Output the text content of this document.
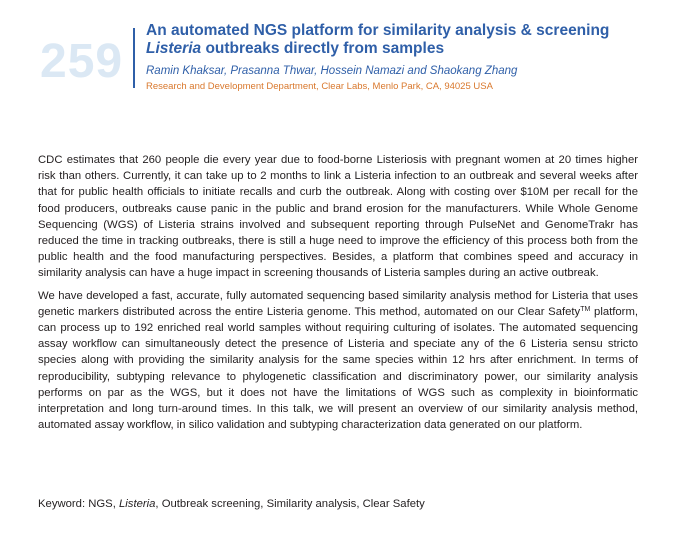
259
An automated NGS platform for similarity analysis & screening
Listeria outbreaks directly from samples
Ramin Khaksar, Prasanna Thwar, Hossein Namazi and Shaokang Zhang
Research and Development Department, Clear Labs, Menlo Park, CA, 94025 USA

CDC estimates that 260 people die every year due to food-borne Listeriosis with pregnant women at 20 times higher risk than others. Currently, it can take up to 2 months to link a Listeria infection to an outbreak and several weeks after that for public health officials to initiate recalls and curb the outbreak. Along with costing over $10M per recall for the food producers, outbreaks cause panic in the public and brand erosion for the manufacturers. While Whole Genome Sequencing (WGS) of Listeria strains involved and subsequent reporting through PulseNet and GenomeTrakr has reduced the time in tracking outbreaks, there is still a huge need to improve the efficiency of this process both from the public health and the food manufacturing perspectives. Besides, a platform that combines speed and accuracy in similarity analysis can have a huge impact in screening thousands of Listeria samples during an active outbreak.

We have developed a fast, accurate, fully automated sequencing based similarity analysis method for Listeria that uses genetic markers distributed across the entire Listeria genome. This method, automated on our Clear Safety™ platform, can process up to 192 enriched real world samples without requiring culturing of isolates. The automated sequencing assay workflow can simultaneously detect the presence of Listeria and speciate any of the 6 Listeria sensu stricto species along with providing the similarity analysis for the same species within 12 hrs after enrichment. In terms of reproducibility, subtyping relevance to phylogenetic classification and discriminatory power, our similarity analysis performs on par as the WGS, but it does not have the limitations of WGS such as complexity in bioinformatic interpretation and long turn-around times. In this talk, we will present an overview of our similarity analysis method, automated assay workflow, in silico validation and subtyping characterization data generated on our platform.

Keyword: NGS, Listeria, Outbreak screening, Similarity analysis, Clear Safety
